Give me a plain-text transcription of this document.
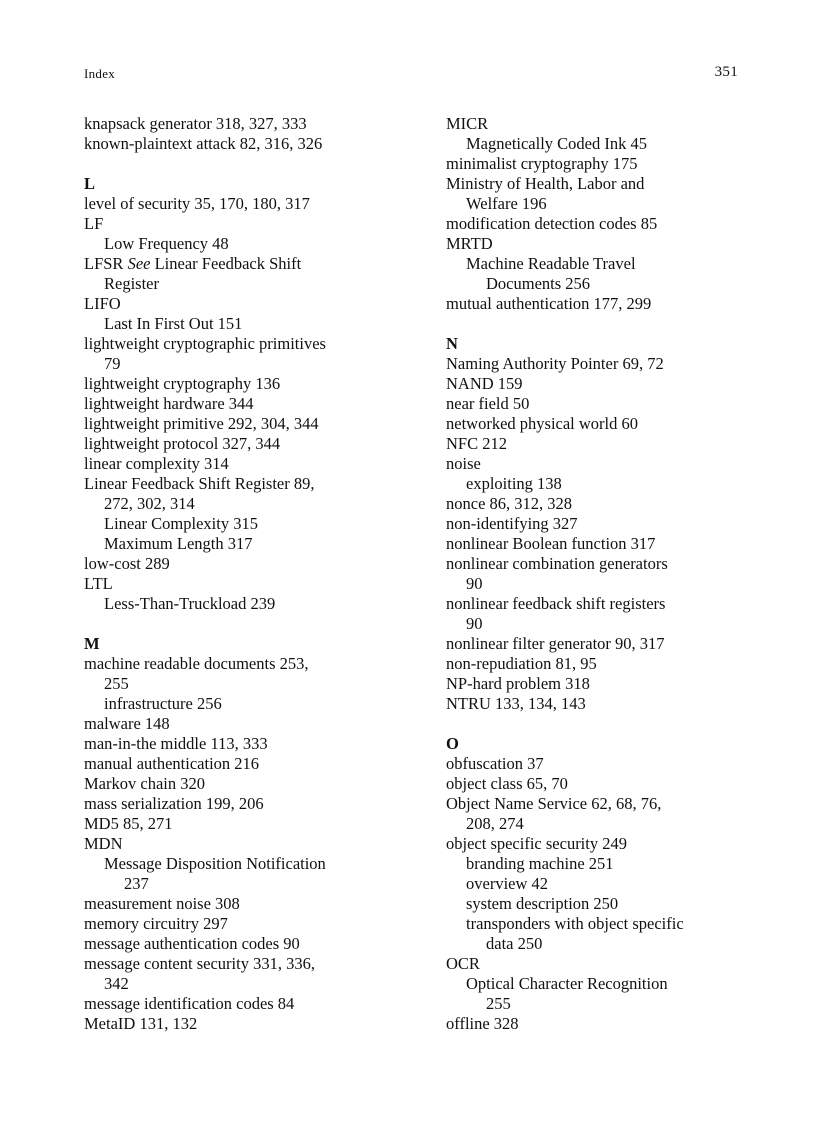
Index	351
knapsack generator 318, 327, 333
known-plaintext attack 82, 316, 326
L
level of security 35, 170, 180, 317
LF
Low Frequency 48
LFSR See Linear Feedback Shift
Register
LIFO
Last In First Out 151
lightweight cryptographic primitives
79
lightweight cryptography 136
lightweight hardware 344
lightweight primitive 292, 304, 344
lightweight protocol 327, 344
linear complexity 314
Linear Feedback Shift Register 89,
272, 302, 314
Linear Complexity 315
Maximum Length 317
low-cost 289
LTL
Less-Than-Truckload 239
M
machine readable documents 253,
255
infrastructure 256
malware 148
man-in-the middle 113, 333
manual authentication 216
Markov chain 320
mass serialization 199, 206
MD5 85, 271
MDN
Message Disposition Notification
237
measurement noise 308
memory circuitry 297
message authentication codes 90
message content security 331, 336,
342
message identification codes 84
MetaID 131, 132
MICR
Magnetically Coded Ink 45
minimalist cryptography 175
Ministry of Health, Labor and
Welfare 196
modification detection codes 85
MRTD
Machine Readable Travel
Documents 256
mutual authentication 177, 299
N
Naming Authority Pointer 69, 72
NAND 159
near field 50
networked physical world 60
NFC 212
noise
exploiting 138
nonce 86, 312, 328
non-identifying 327
nonlinear Boolean function 317
nonlinear combination generators
90
nonlinear feedback shift registers
90
nonlinear filter generator 90, 317
non-repudiation 81, 95
NP-hard problem 318
NTRU 133, 134, 143
O
obfuscation 37
object class 65, 70
Object Name Service 62, 68, 76,
208, 274
object specific security 249
branding machine 251
overview 42
system description 250
transponders with object specific
data 250
OCR
Optical Character Recognition
255
offline 328
